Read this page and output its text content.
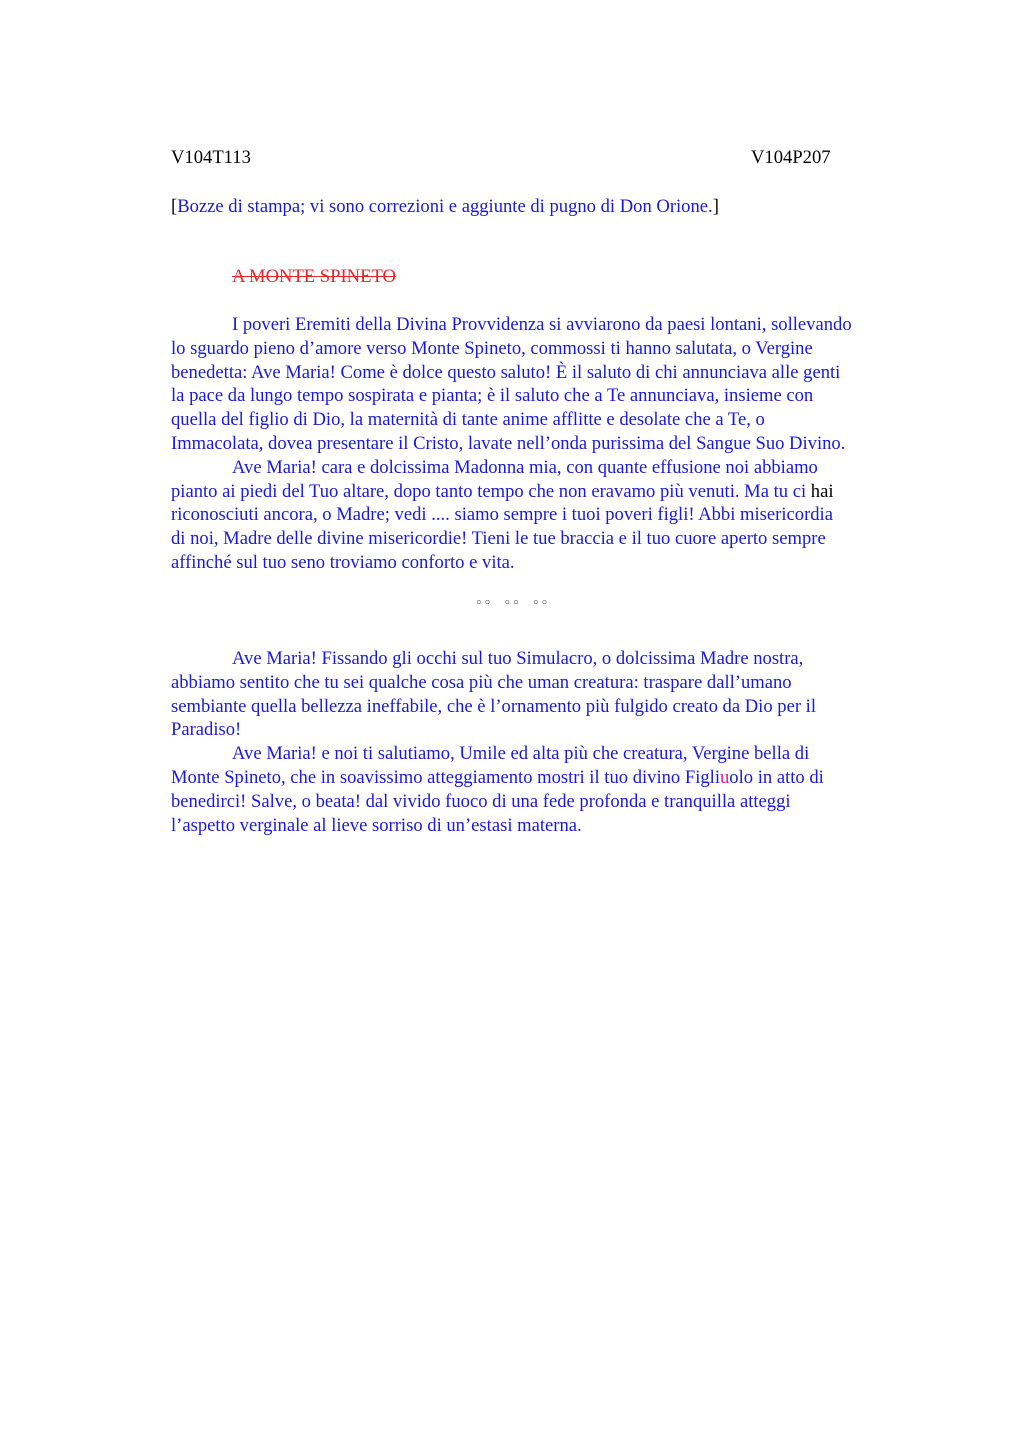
V104T113	V104P207
[Bozze di stampa; vi sono correzioni e aggiunte di pugno di Don Orione.]
A MONTE SPINETO
I poveri Eremiti della Divina Provvidenza si avviarono da paesi lontani, sollevando
lo sguardo pieno d’amore verso Monte Spineto, commossi ti hanno salutata, o Vergine
benedetta: Ave Maria! Come è dolce questo saluto! È il saluto di chi annunciava alle genti
la pace da lungo tempo sospirata e pianta; è il saluto che a Te annunciava, insieme con
quella del figlio di Dio, la maternità di tante anime afflitte e desolate che a Te, o
Immacolata, dovea presentare il Cristo, lavate nell’onda purissima del Sangue Suo Divino.
Ave Maria! cara e dolcissima Madonna mia, con quante effusione noi abbiamo
pianto ai piedi del Tuo altare, dopo tanto tempo che non eravamo più venuti. Ma tu ci hai
riconosciuti ancora, o Madre; vedi .... siamo sempre i tuoi poveri figli! Abbi misericordia
di noi, Madre delle divine misericordie! Tieni le tue braccia e il tuo cuore aperto sempre
affinché sul tuo seno troviamo conforto e vita.
◦◦ ◦◦ ◦◦
Ave Maria! Fissando gli occhi sul tuo Simulacro, o dolcissima Madre nostra,
abbiamo sentito che tu sei qualche cosa più che uman creatura: traspare dall’umano
sembiante quella bellezza ineffabile, che è l’ornamento più fulgido creato da Dio per il
Paradiso!
Ave Maria! e noi ti salutiamo, Umile ed alta più che creatura, Vergine bella di
Monte Spineto, che in soavissimo atteggiamento mostri il tuo divino Figliuolo in atto di
benedirci! Salve, o beata! dal vivido fuoco di una fede profonda e tranquilla atteggi
l’aspetto verginale al lieve sorriso di un’estasi materna.
